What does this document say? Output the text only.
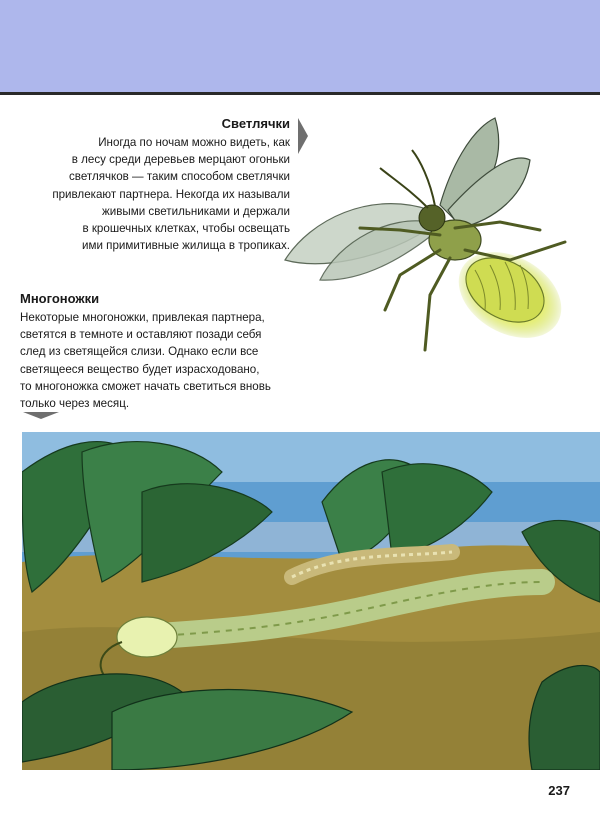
Светлячки

Иногда по ночам можно видеть, как
в лесу среди деревьев мерцают огоньки
светлячков — таким способом светлячки
привлекают партнера. Некогда их называли
живыми светильниками и держали
в крошечных клетках, чтобы освещать
ими примитивные жилища в тропиках.

Многоножки

Некоторые многоножки, привлекая партнера,
светятся в темноте и оставляют позади себя
след из светящейся слизи. Однако если все
светящееся вещество будет израсходовано,
то многоножка сможет начать светиться вновь
только через месяц.

237
